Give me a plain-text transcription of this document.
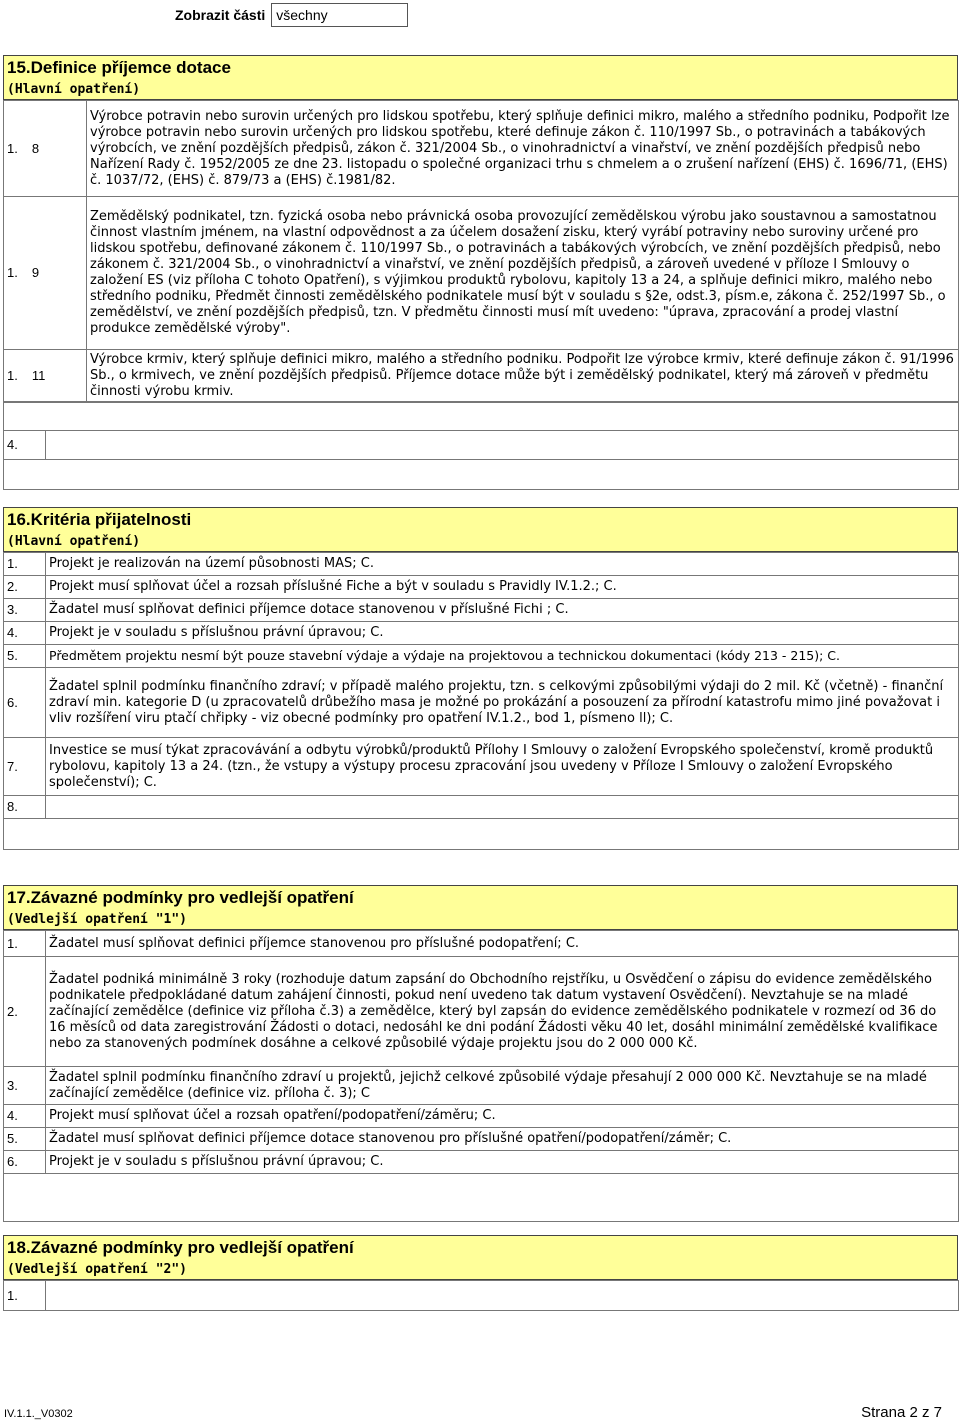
Zobrazit části všechny
15.Definice příjemce dotace
(Hlavní opatření)
1. 8	Výrobce potravin nebo surovin určených pro lidskou spotřebu, který splňuje definici mikro, malého a středního podniku, Podpořit lze výrobce potravin nebo surovin určených pro lidskou spotřebu, které definuje zákon č. 110/1997 Sb., o potravinách a tabákových výrobcích, ve znění pozdějších předpisů, zákon č. 321/2004 Sb., o vinohradnictví a vinařství, ve znění pozdějších předpisů nebo Nařízení Rady č. 1952/2005 ze dne 23. listopadu o společné organizaci trhu s chmelem a o zrušení nařízení (EHS) č. 1696/71, (EHS) č. 1037/72, (EHS) č. 879/73 a (EHS) č.1981/82.
1. 9	Zemědělský podnikatel, tzn. fyzická osoba nebo právnická osoba provozující zemědělskou výrobu jako soustavnou a samostatnou činnost vlastním jménem, na vlastní odpovědnost a za účelem dosažení zisku, který vyrábí potraviny nebo suroviny určené pro lidskou spotřebu, definované zákonem č. 110/1997 Sb., o potravinách a tabákových výrobcích, ve znění pozdějších předpisů, nebo zákonem č. 321/2004 Sb., o vinohradnictví a vinařství, ve znění pozdějších předpisů, a zároveň uvedené v příloze I Smlouvy o založení ES (viz příloha C tohoto Opatření), s výjimkou produktů rybolovu, kapitoly 13 a 24, a splňuje definici mikro, malého nebo středního podniku, Předmět činnosti zemědělského podnikatele musí být v souladu s §2e, odst.3, písm.e, zákona č. 252/1997 Sb., o zemědělství, ve znění pozdějších předpisů, tzn. V předmětu činnosti musí mít uvedeno: "úprava, zpracování a prodej vlastní produkce zemědělské výroby".
1. 11	Výrobce krmiv, který splňuje definici mikro, malého a středního podniku. Podpořit lze výrobce krmiv, které definuje zákon č. 91/1996 Sb., o krmivech, ve znění pozdějších předpisů. Příjemce dotace může být i zemědělský podnikatel, který má zároveň v předmětu činnosti výrobu krmiv.

4.	

16.Kritéria přijatelnosti
(Hlavní opatření)
1.	Projekt je realizován na území působnosti MAS; C.
2.	Projekt musí splňovat účel a rozsah příslušné Fiche a být v souladu s Pravidly IV.1.2.; C.
3.	Žadatel musí splňovat definici příjemce dotace stanovenou v příslušné Fichi ; C.
4.	Projekt je v souladu s příslušnou právní úpravou; C.
5.	Předmětem projektu nesmí být pouze stavební výdaje a výdaje na projektovou a technickou dokumentaci (kódy 213 - 215); C.
6.	Žadatel splnil podmínku finančního zdraví; v případě malého projektu, tzn. s celkovými způsobilými výdaji do 2 mil. Kč (včetně) - finanční zdraví min. kategorie D (u zpracovatelů drůbežího masa je možné po prokázání a posouzení za přírodní katastrofu mimo jiné považovat i vliv rozšíření viru ptačí chřipky - viz obecné podmínky pro opatření IV.1.2., bod 1, písmeno ll); C.
7.	Investice se musí týkat zpracovávání a odbytu výrobků/produktů Přílohy I Smlouvy o založení Evropského společenství, kromě produktů rybolovu, kapitoly 13 a 24. (tzn., že vstupy a výstupy procesu zpracování jsou uvedeny v Příloze I Smlouvy o založení Evropského společenství); C.
8.	

17.Závazné podmínky pro vedlejší opatření
(Vedlejší opatření "1")
1.	Žadatel musí splňovat definici příjemce stanovenou pro příslušné podopatření; C.
2.	Žadatel podniká minimálně 3 roky (rozhoduje datum zapsání do Obchodního rejstříku, u Osvědčení o zápisu do evidence zemědělského podnikatele předpokládané datum zahájení činnosti, pokud není uvedeno tak datum vystavení Osvědčení). Nevztahuje se na mladé začínající zemědělce (definice viz příloha č.3) a zemědělce, který byl zapsán do evidence zemědělského podnikatele v rozmezí od 36 do 16 měsíců od data zaregistrování Žádosti o dotaci, nedosáhl ke dni podání Žádosti věku 40 let, dosáhl minimální zemědělské kvalifikace nebo za stanovených podmínek dosáhne a celkové způsobilé výdaje projektu jsou do 2 000 000 Kč.
3.	Žadatel splnil podmínku finančního zdraví u projektů, jejichž celkové způsobilé výdaje přesahují 2 000 000 Kč. Nevztahuje se na mladé začínající zemědělce (definice viz. příloha č. 3); C
4.	Projekt musí splňovat účel a rozsah opatření/podopatření/záměru; C.
5.	Žadatel musí splňovat definici příjemce dotace stanovenou pro příslušné opatření/podopatření/záměr; C.
6.	Projekt je v souladu s příslušnou právní úpravou; C.

18.Závazné podmínky pro vedlejší opatření
(Vedlejší opatření "2")
1.	
IV.1.1._V0302	Strana 2 z 7
